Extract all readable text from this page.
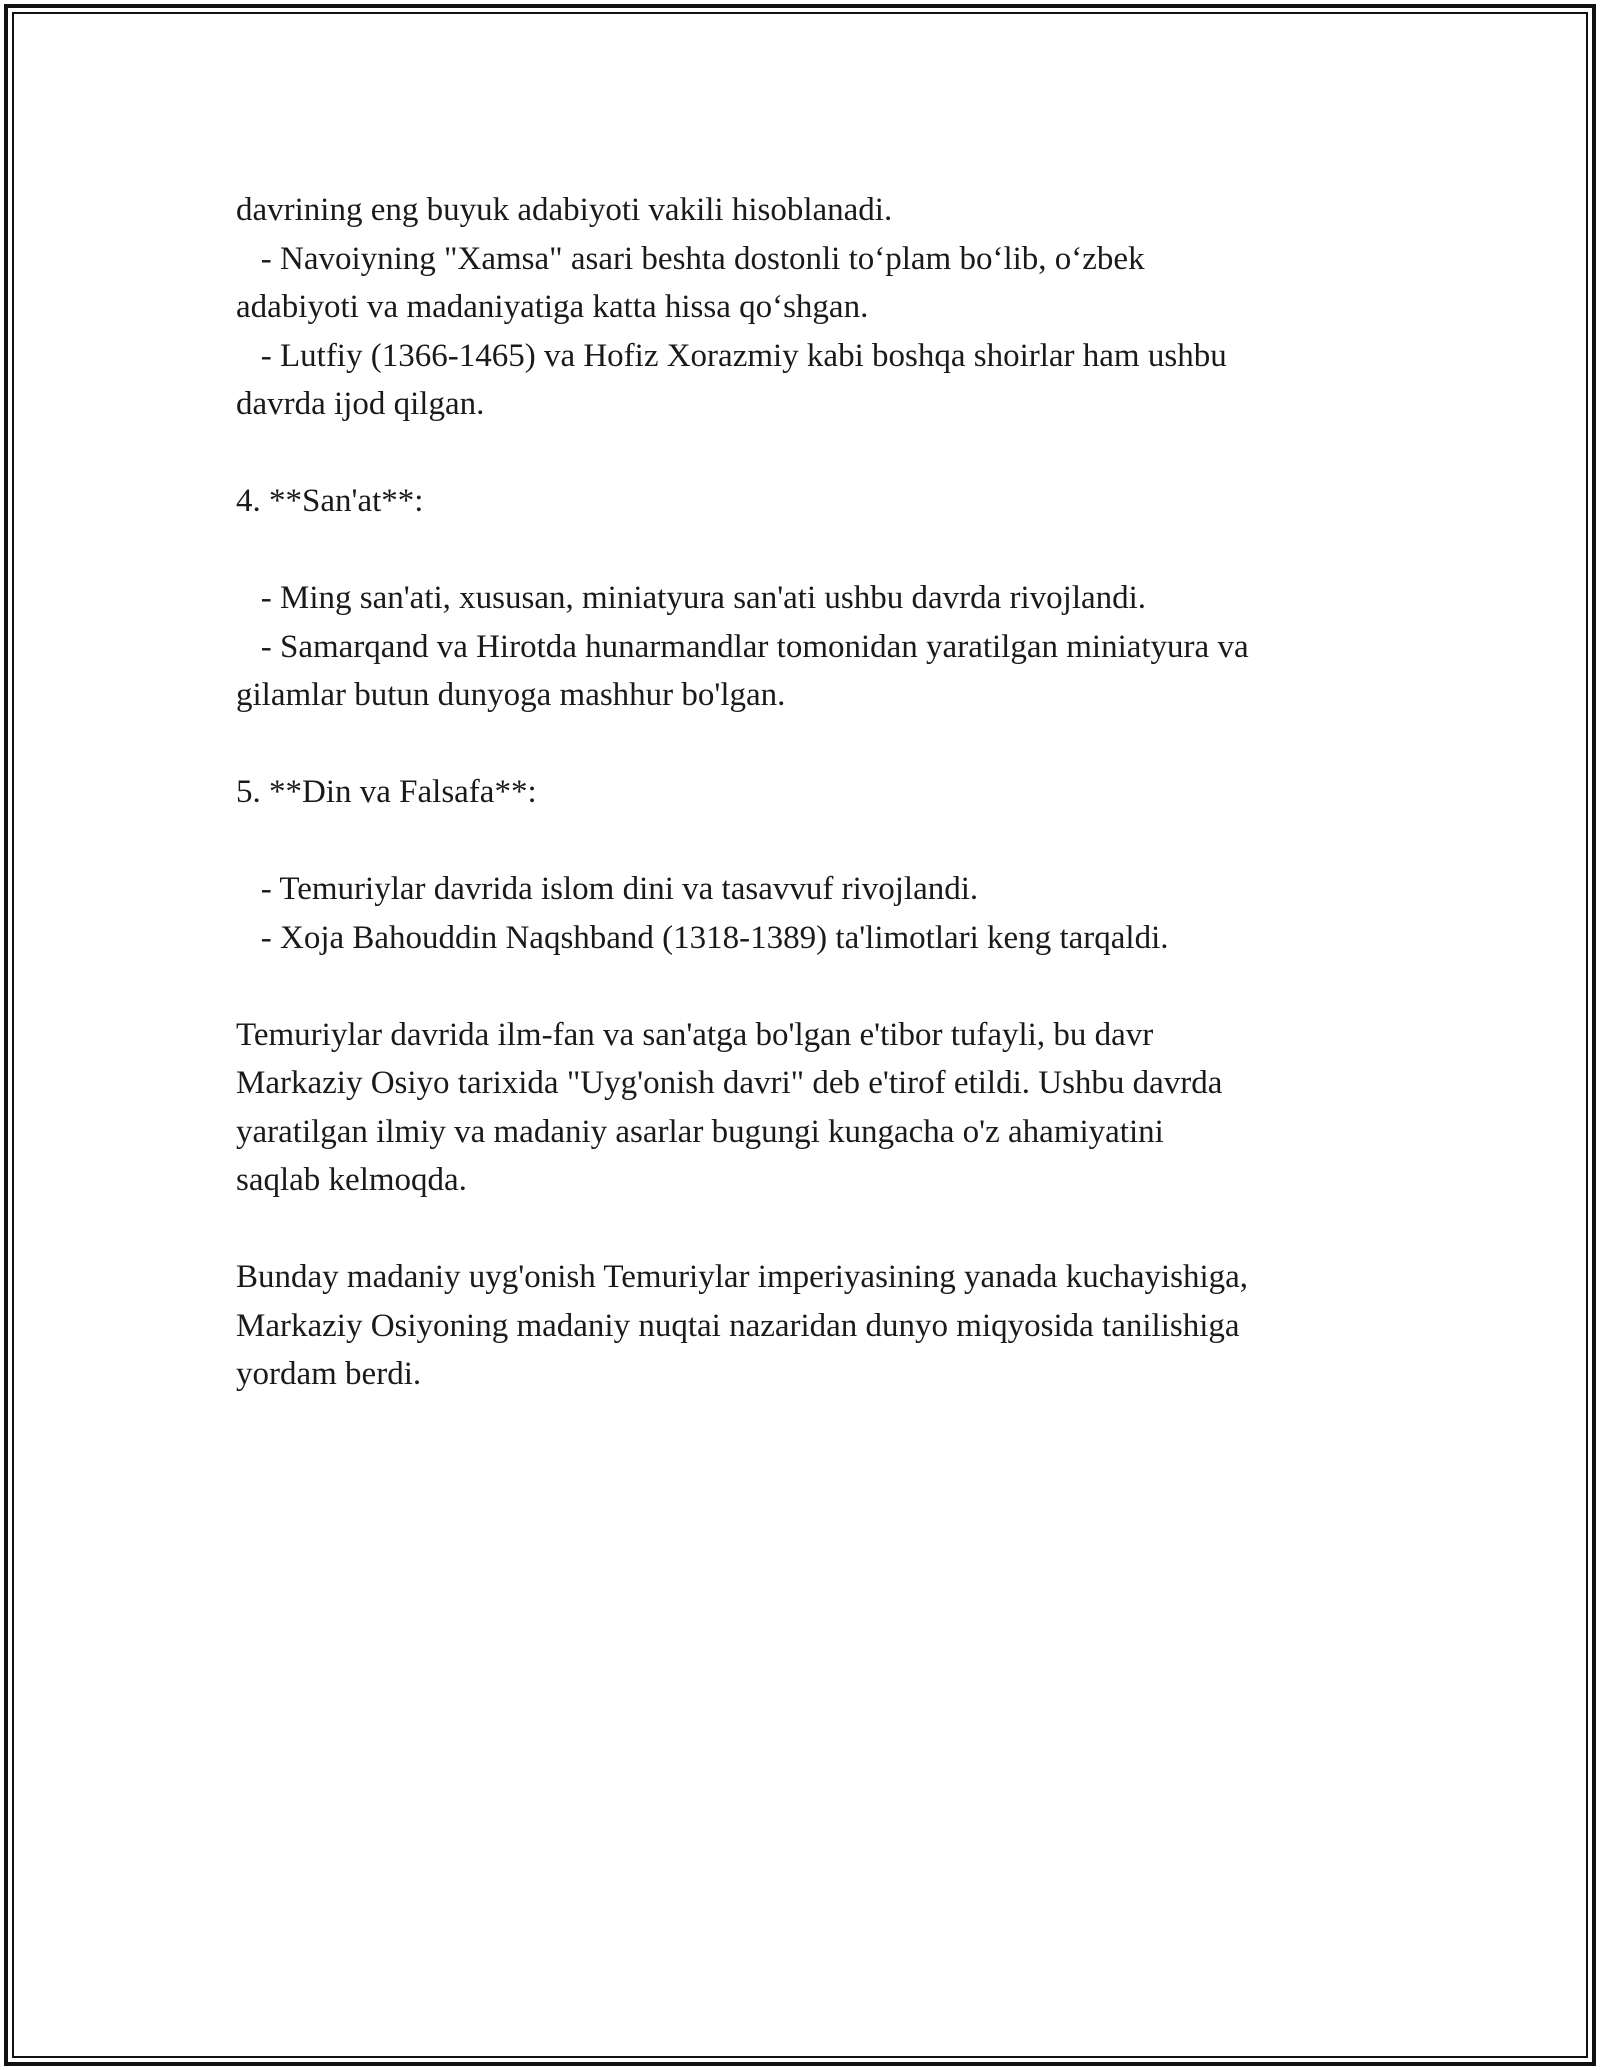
davrining eng buyuk adabiyoti vakili hisoblanadi.
- Navoiyning "Xamsa" asari beshta dostonli to‘plam bo‘lib, o‘zbek
adabiyoti va madaniyatiga katta hissa qo‘shgan.
- Lutfiy (1366-1465) va Hofiz Xorazmiy kabi boshqa shoirlar ham ushbu
davrda ijod qilgan.
4. **San'at**:
- Ming san'ati, xususan, miniatyura san'ati ushbu davrda rivojlandi.
- Samarqand va Hirotda hunarmandlar tomonidan yaratilgan miniatyura va
gilamlar butun dunyoga mashhur bo'lgan.
5. **Din va Falsafa**:
- Temuriylar davrida islom dini va tasavvuf rivojlandi.
- Xoja Bahouddin Naqshband (1318-1389) ta'limotlari keng tarqaldi.
Temuriylar davrida ilm-fan va san'atga bo'lgan e'tibor tufayli, bu davr
Markaziy Osiyo tarixida "Uyg'onish davri" deb e'tirof etildi. Ushbu davrda
yaratilgan ilmiy va madaniy asarlar bugungi kungacha o'z ahamiyatini
saqlab kelmoqda.
Bunday madaniy uyg'onish Temuriylar imperiyasining yanada kuchayishiga,
Markaziy Osiyoning madaniy nuqtai nazaridan dunyo miqyosida tanilishiga
yordam berdi.
